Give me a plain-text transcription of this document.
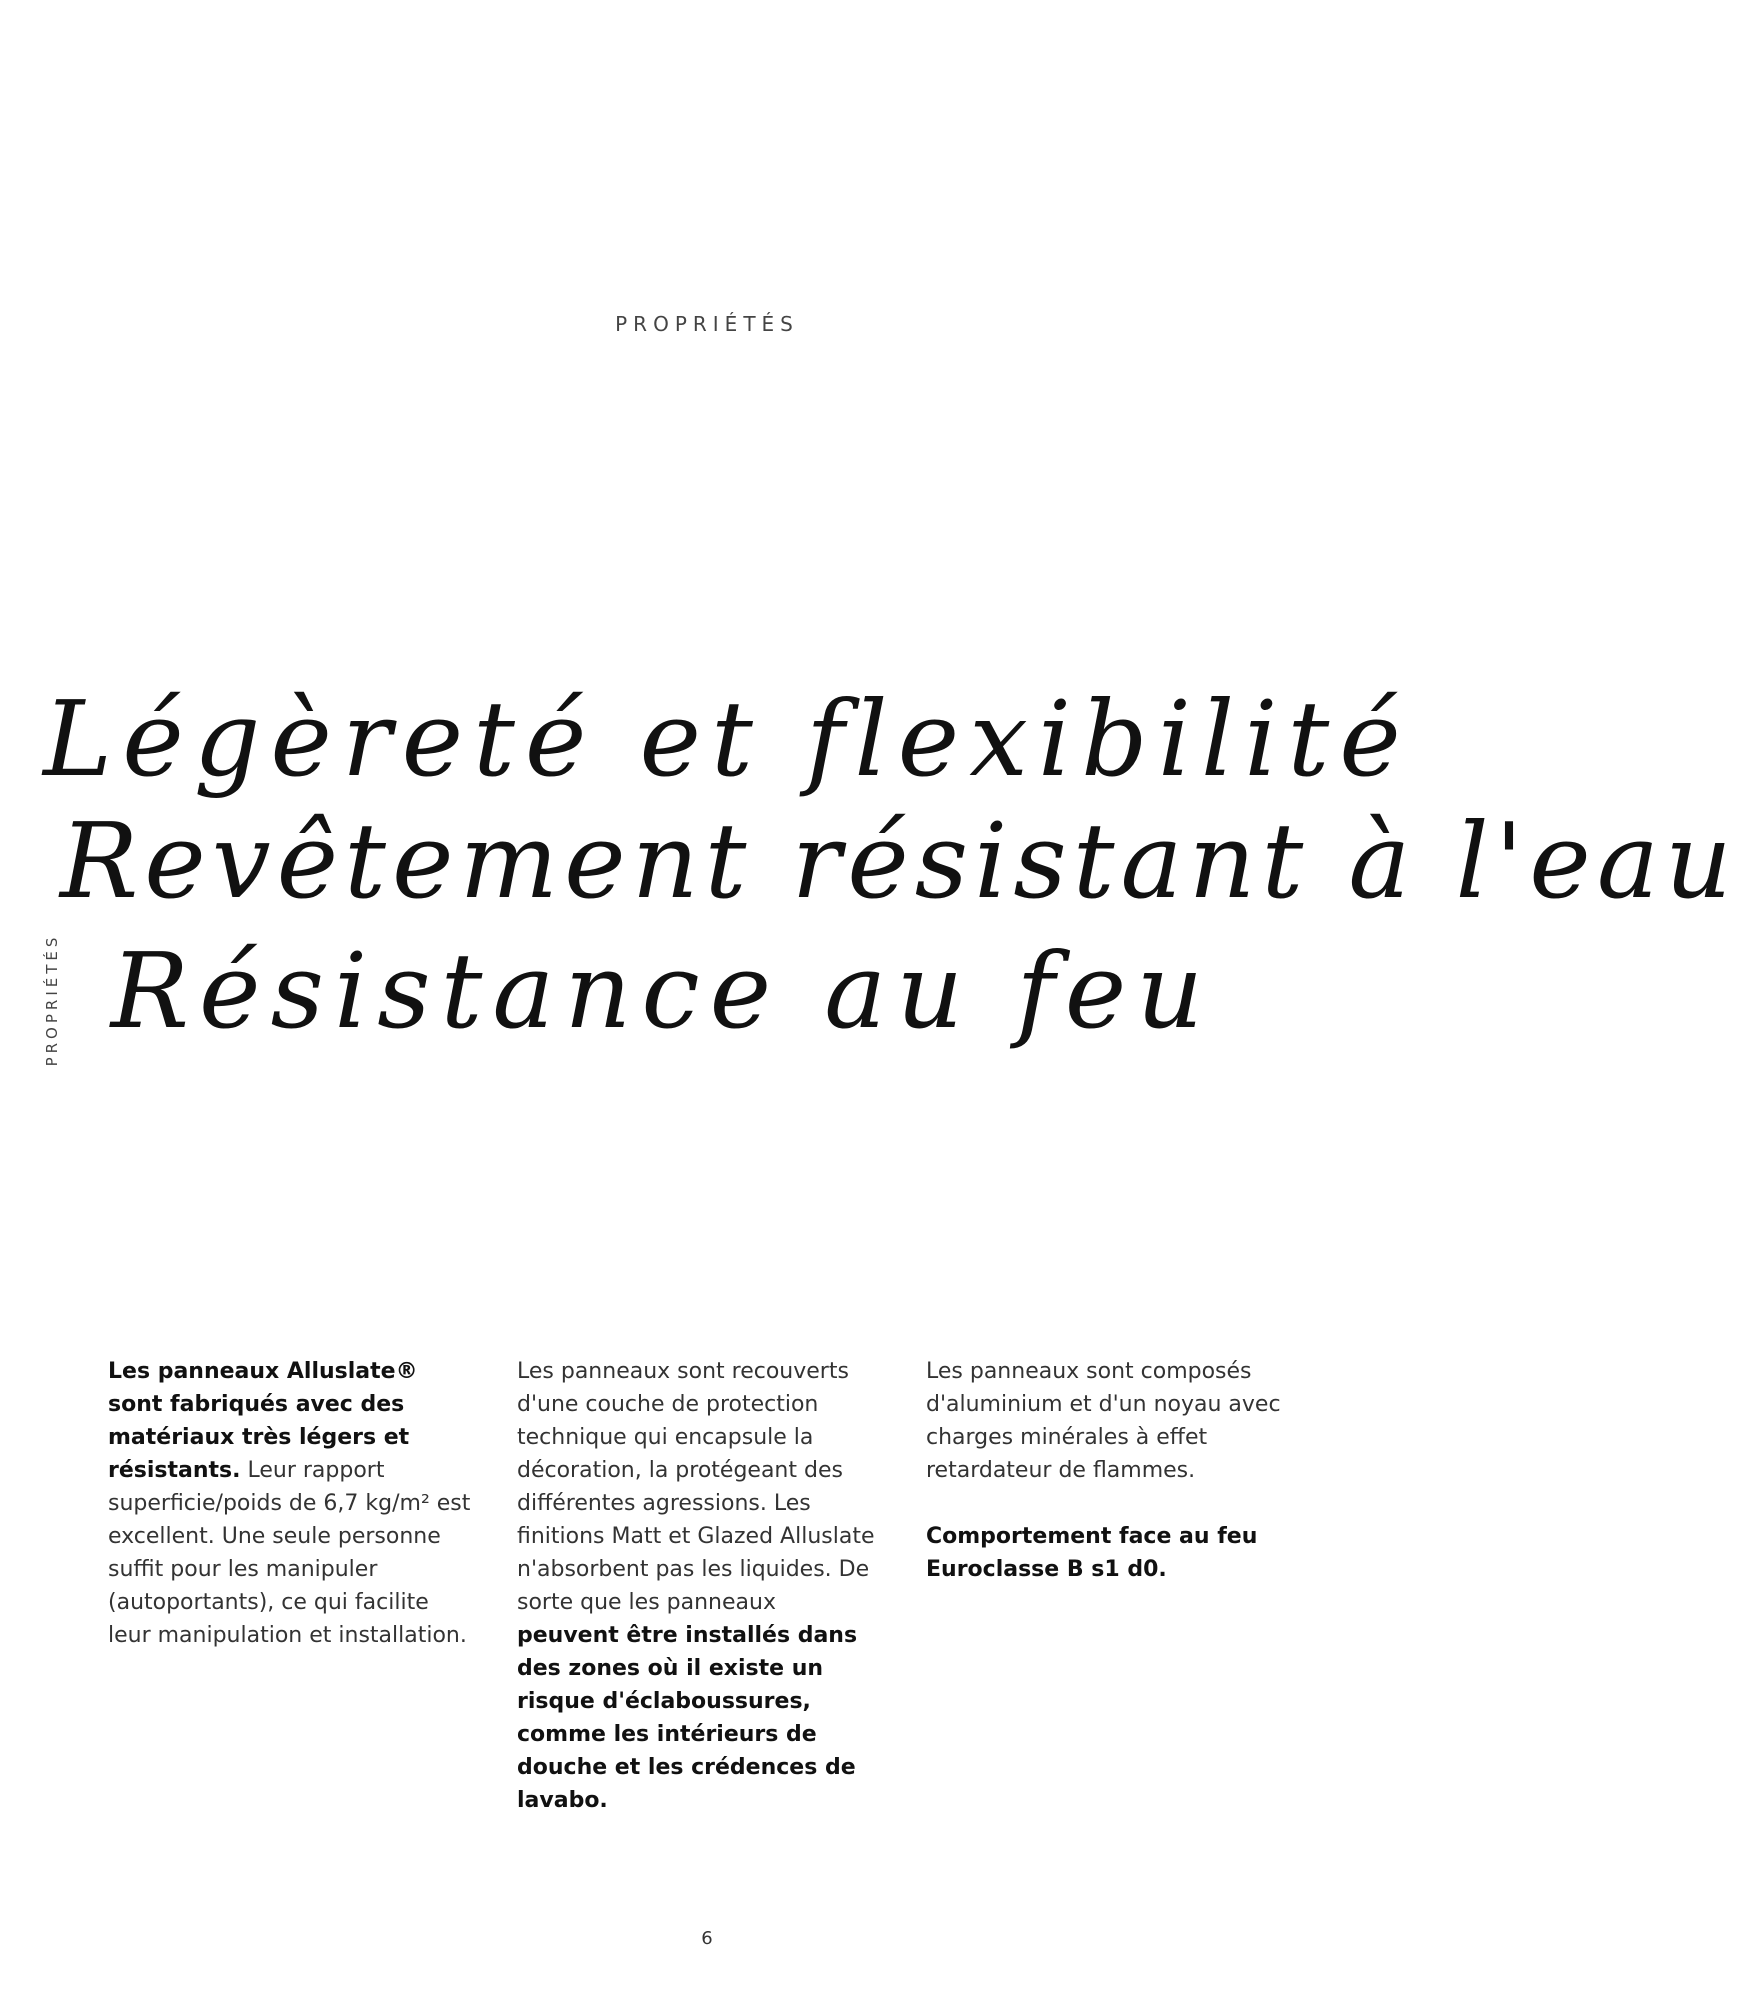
PROPRIÉTÉS
PROPRIÉTÉS
Légèreté et flexibilité
Revêtement résistant à l'eau
Résistance au feu

Les panneaux Alluslate® sont fabriqués avec des matériaux très légers et résistants. Leur rapport superficie/poids de 6,7 kg/m² est excellent. Une seule personne suffit pour les manipuler (autoportants), ce qui facilite leur manipulation et installation.

Les panneaux sont recouverts d'une couche de protection technique qui encapsule la décoration, la protégeant des différentes agressions. Les finitions Matt et Glazed Alluslate n'absorbent pas les liquides. De sorte que les panneaux peuvent être installés dans des zones où il existe un risque d'éclaboussures, comme les intérieurs de douche et les crédences de lavabo.

Les panneaux sont composés d'aluminium et d'un noyau avec charges minérales à effet retardateur de flammes.

Comportement face au feu Euroclasse B s1 d0.

6
